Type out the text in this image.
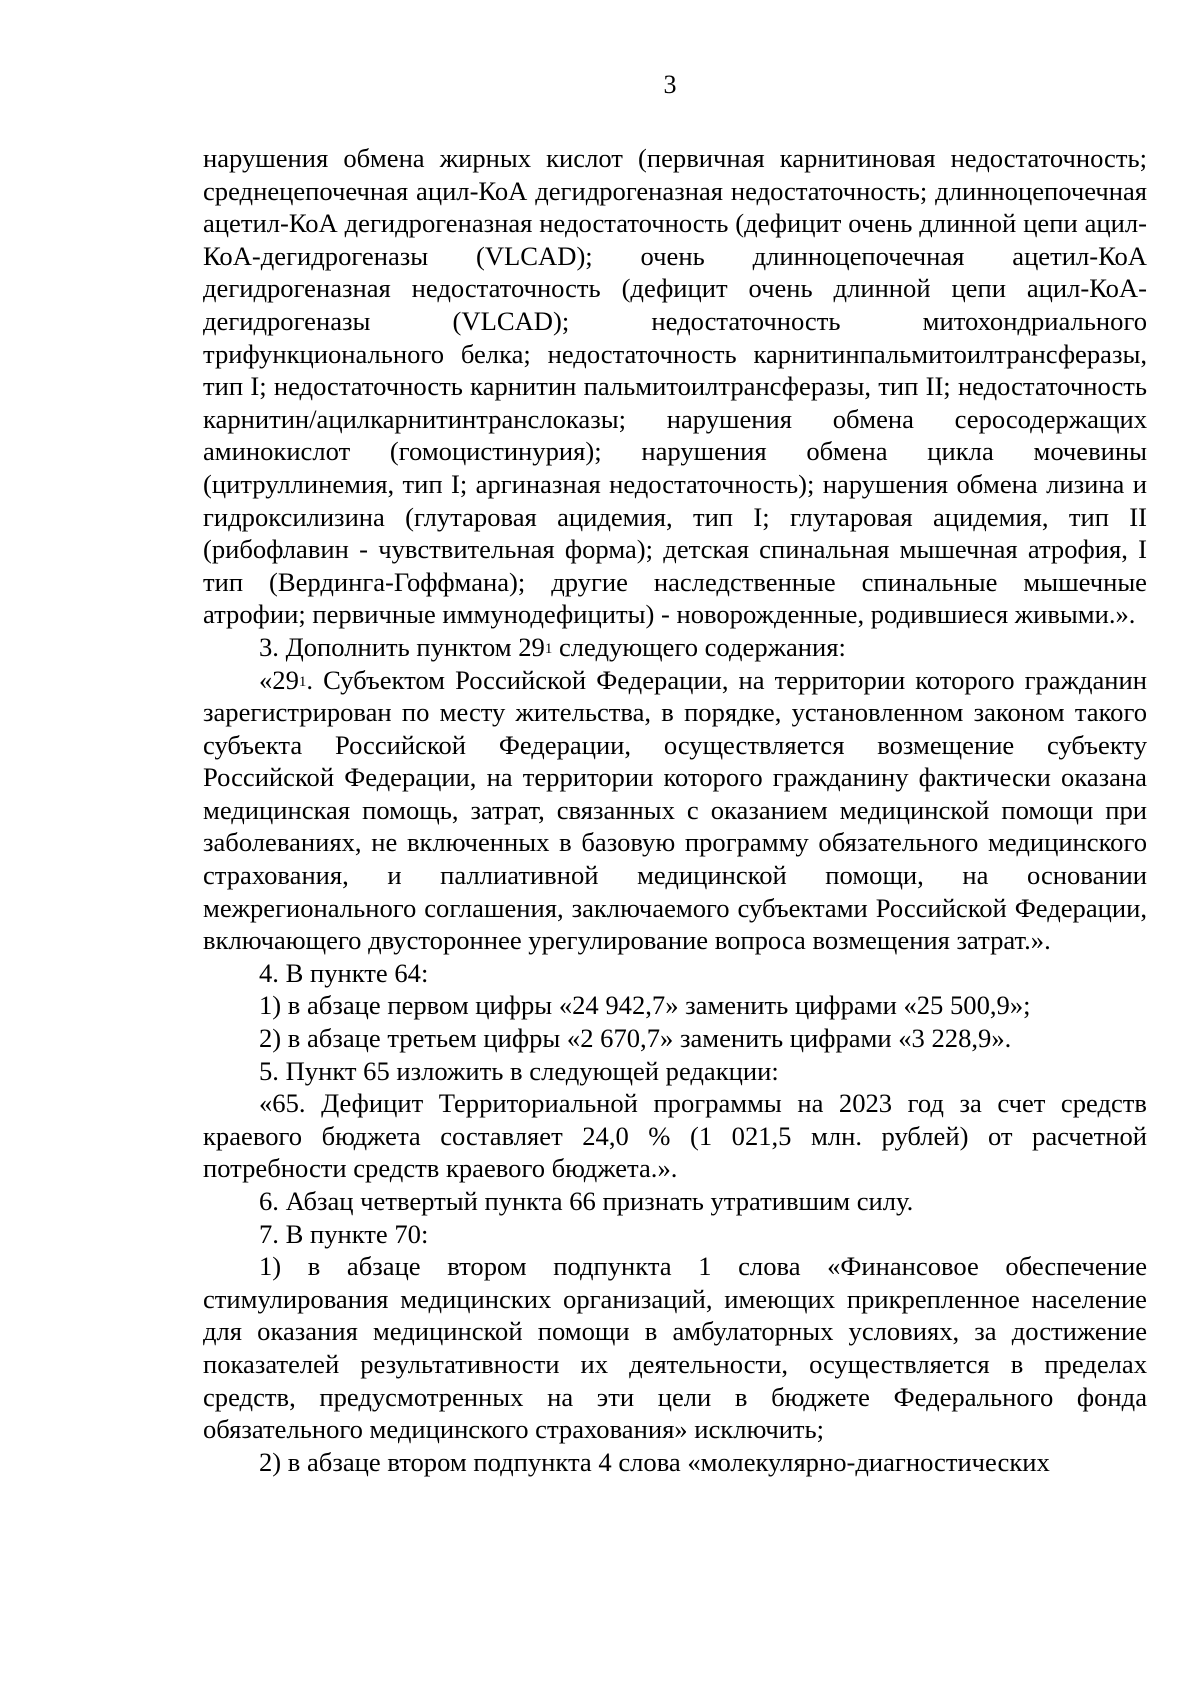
3

нарушения обмена жирных кислот (первичная карнитиновая недостаточность; среднецепочечная ацил-КоА дегидрогеназная недостаточность; длинноцепочечная ацетил-КоА дегидрогеназная недостаточность (дефицит очень длинной цепи ацил-КоА-дегидрогеназы (VLCAD); очень длинноцепочечная ацетил-КоА дегидрогеназная недостаточность (дефицит очень длинной цепи ацил-КоА-дегидрогеназы (VLCAD); недостаточность митохондриального трифункционального белка; недостаточность карнитинпальмитоилтрансферазы, тип I; недостаточность карнитин пальмитоилтрансферазы, тип II; недостаточность карнитин/ацилкарнитинтранслоказы; нарушения обмена серосодержащих аминокислот (гомоцистинурия); нарушения обмена цикла мочевины (цитруллинемия, тип I; аргиназная недостаточность); нарушения обмена лизина и гидроксилизина (глутаровая ацидемия, тип I; глутаровая ацидемия, тип II (рибофлавин - чувствительная форма); детская спинальная мышечная атрофия, I тип (Вердинга-Гоффмана); другие наследственные спинальные мышечные атрофии; первичные иммунодефициты) - новорожденные, родившиеся живыми.».

3. Дополнить пунктом $29^1$ следующего содержания:

«$29^1$. Субъектом Российской Федерации, на территории которого гражданин зарегистрирован по месту жительства, в порядке, установленном законом такого субъекта Российской Федерации, осуществляется возмещение субъекту Российской Федерации, на территории которого гражданину фактически оказана медицинская помощь, затрат, связанных с оказанием медицинской помощи при заболеваниях, не включенных в базовую программу обязательного медицинского страхования, и паллиативной медицинской помощи, на основании межрегионального соглашения, заключаемого субъектами Российской Федерации, включающего двустороннее урегулирование вопроса возмещения затрат.».

4. В пункте 64:

1) в абзаце первом цифры «24 942,7» заменить цифрами «25 500,9»;

2) в абзаце третьем цифры «2 670,7» заменить цифрами «3 228,9».

5. Пункт 65 изложить в следующей редакции:

«65. Дефицит Территориальной программы на 2023 год за счет средств краевого бюджета составляет 24,0 % (1 021,5 млн. рублей) от расчетной потребности средств краевого бюджета.».

6. Абзац четвертый пункта 66 признать утратившим силу.

7. В пункте 70:

1) в абзаце втором подпункта 1 слова «Финансовое обеспечение стимулирования медицинских организаций, имеющих прикрепленное население для оказания медицинской помощи в амбулаторных условиях, за достижение показателей результативности их деятельности, осуществляется в пределах средств, предусмотренных на эти цели в бюджете Федерального фонда обязательного медицинского страхования» исключить;

2) в абзаце втором подпункта 4 слова «молекулярно-диагностических
